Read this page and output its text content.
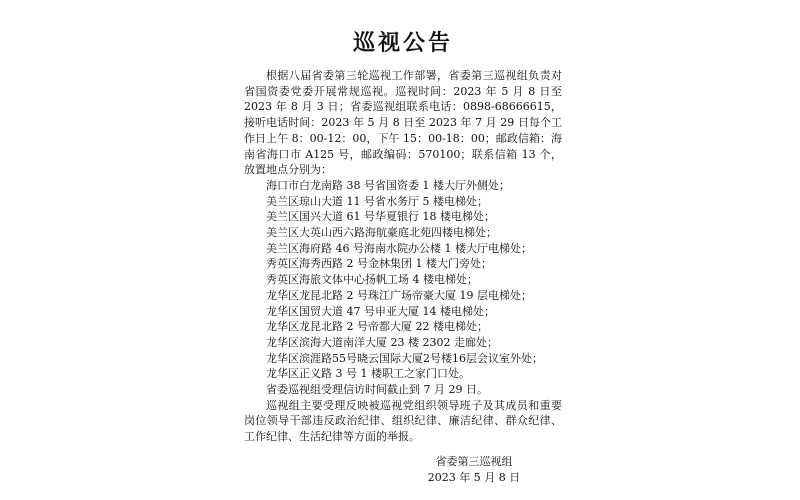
巡视公告

根据八届省委第三轮巡视工作部署，省委第三巡视组负责对省国资委党委开展常规巡视。巡视时间：2023 年 5 月 8 日至 2023 年 8 月 3 日；省委巡视组联系电话：0898-68666615，接听电话时间：2023 年 5 月 8 日至 2023 年 7 月 29 日每个工作日上午 8：00-12：00，下午 15：00-18：00；邮政信箱：海南省海口市 A125 号，邮政编码：570100；联系信箱 13 个，放置地点分别为：

海口市白龙南路 38 号省国资委 1 楼大厅外侧处；
美兰区琼山大道 11 号省水务厅 5 楼电梯处；
美兰区国兴大道 61 号华夏银行 18 楼电梯处；
美兰区大英山西六路海航豪庭北苑四楼电梯处；
美兰区海府路 46 号海南水院办公楼 1 楼大厅电梯处；
秀英区海秀西路 2 号金林集团 1 楼大门旁处；
秀英区海旅文体中心扬帆工场 4 楼电梯处；
龙华区龙昆北路 2 号珠江广场帝豪大厦 19 层电梯处；
龙华区国贸大道 47 号申亚大厦 14 楼电梯处；
龙华区龙昆北路 2 号帝都大厦 22 楼电梯处；
龙华区滨海大道南洋大厦 23 楼 2302 走廊处；
龙华区滨涯路55号晓云国际大厦2号楼16层会议室外处；
龙华区正义路 3 号 1 楼职工之家门口处。

省委巡视组受理信访时间截止到 7 月 29 日。

巡视组主要受理反映被巡视党组织领导班子及其成员和重要岗位领导干部违反政治纪律、组织纪律、廉洁纪律、群众纪律、工作纪律、生活纪律等方面的举报。

省委第三巡视组
2023 年 5 月 8 日
